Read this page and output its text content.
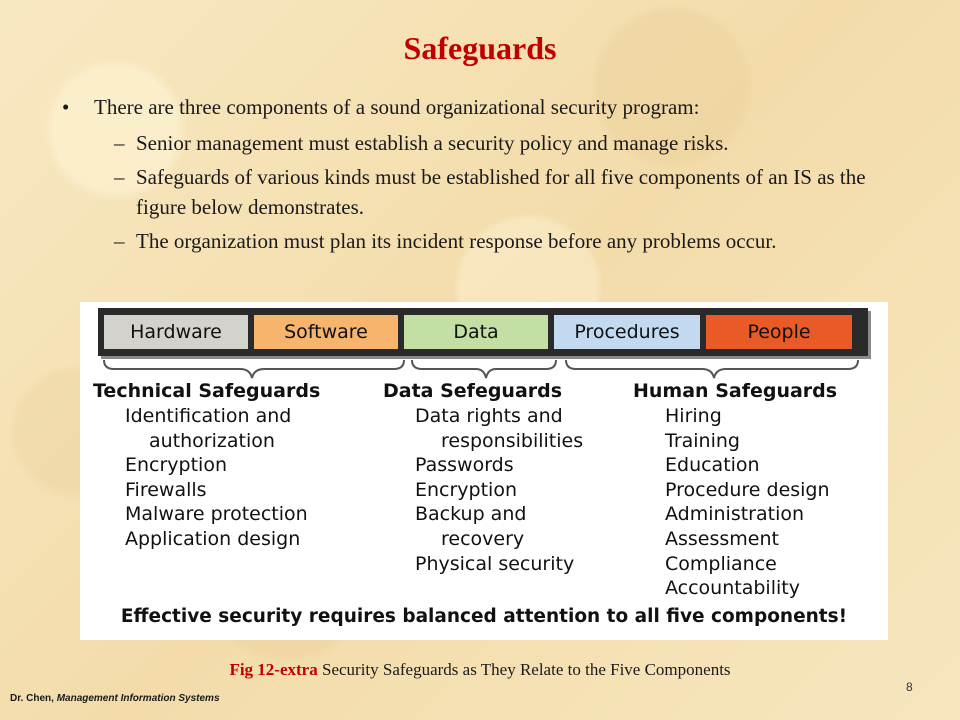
Safeguards

• There are three components of a sound organizational security program:

– Senior management must establish a security policy and manage risks.

– Safeguards of various kinds must be established for all five components of an IS as the figure below demonstrates.

– The organization must plan its incident response before any problems occur.

Hardware	Software	Data	Procedures	People
Technical Safeguards
Identification and
authorization
Encryption
Firewalls
Malware protection
Application design
Data Sefeguards
Data rights and
responsibilities
Passwords
Encryption
Backup and
recovery
Physical security
Human Safeguards
Hiring
Training
Education
Procedure design
Administration
Assessment
Compliance
Accountability
Effective security requires balanced attention to all five components!
Fig 12-extra Security Safeguards as They Relate to the Five Components
Dr. Chen, Management Information Systems
8
